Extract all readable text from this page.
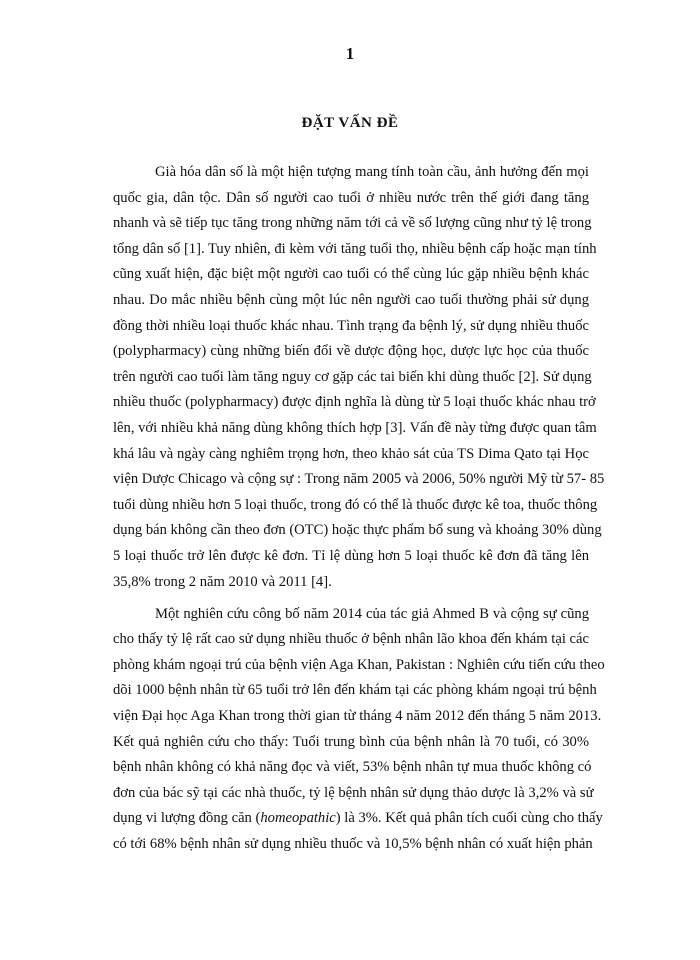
1
ĐẶT VẤN ĐỀ

Già hóa dân số là một hiện tượng mang tính toàn cầu, ảnh hưởng đến mọi
quốc gia, dân tộc. Dân số người cao tuổi ở nhiều nước trên thế giới đang tăng
nhanh và sẽ tiếp tục tăng trong những năm tới cả về số lượng cũng như tỷ lệ trong
tổng dân số [1]. Tuy nhiên, đi kèm với tăng tuổi thọ, nhiều bệnh cấp hoặc mạn tính
cũng xuất hiện, đặc biệt một người cao tuổi có thể cùng lúc gặp nhiều bệnh khác
nhau. Do mắc nhiều bệnh cùng một lúc nên người cao tuổi thường phải sử dụng
đồng thời nhiều loại thuốc khác nhau. Tình trạng đa bệnh lý, sử dụng nhiều thuốc
(polypharmacy) cùng những biến đổi về dược động học, dược lực học của thuốc
trên người cao tuổi làm tăng nguy cơ gặp các tai biến khi dùng thuốc [2]. Sử dụng
nhiều thuốc (polypharmacy) được định nghĩa là dùng từ 5 loại thuốc khác nhau trở
lên, với nhiều khả năng dùng không thích hợp [3]. Vấn đề này từng được quan tâm
khá lâu và ngày càng nghiêm trọng hơn, theo khảo sát của TS Dima Qato tại Học
viện Dược Chicago và cộng sự : Trong năm 2005 và 2006, 50% người Mỹ từ 57- 85
tuổi dùng nhiều hơn 5 loại thuốc, trong đó có thể là thuốc được kê toa, thuốc thông
dụng bán không cần theo đơn (OTC) hoặc thực phẩm bổ sung và khoảng 30% dùng
5 loại thuốc trở lên được kê đơn. Tỉ lệ dùng hơn 5 loại thuốc kê đơn đã tăng lên
35,8% trong 2 năm 2010 và 2011 [4].

Một nghiên cứu công bố năm 2014 của tác giả Ahmed B và cộng sự cũng
cho thấy tỷ lệ rất cao sử dụng nhiều thuốc ở bệnh nhân lão khoa đến khám tại các
phòng khám ngoại trú của bệnh viện Aga Khan, Pakistan : Nghiên cứu tiến cứu theo
dõi 1000 bệnh nhân từ 65 tuổi trở lên đến khám tại các phòng khám ngoại trú bệnh
viện Đại học Aga Khan trong thời gian từ tháng 4 năm 2012 đến tháng 5 năm 2013.
Kết quả nghiên cứu cho thấy: Tuổi trung bình của bệnh nhân là 70 tuổi, có 30%
bệnh nhân không có khả năng đọc và viết, 53% bệnh nhân tự mua thuốc không có
đơn của bác sỹ tại các nhà thuốc, tỷ lệ bệnh nhân sử dụng thảo dược là 3,2% và sử
dụng vi lượng đồng căn (homeopathic) là 3%. Kết quả phân tích cuối cùng cho thấy
có tới 68% bệnh nhân sử dụng nhiều thuốc và 10,5% bệnh nhân có xuất hiện phản
